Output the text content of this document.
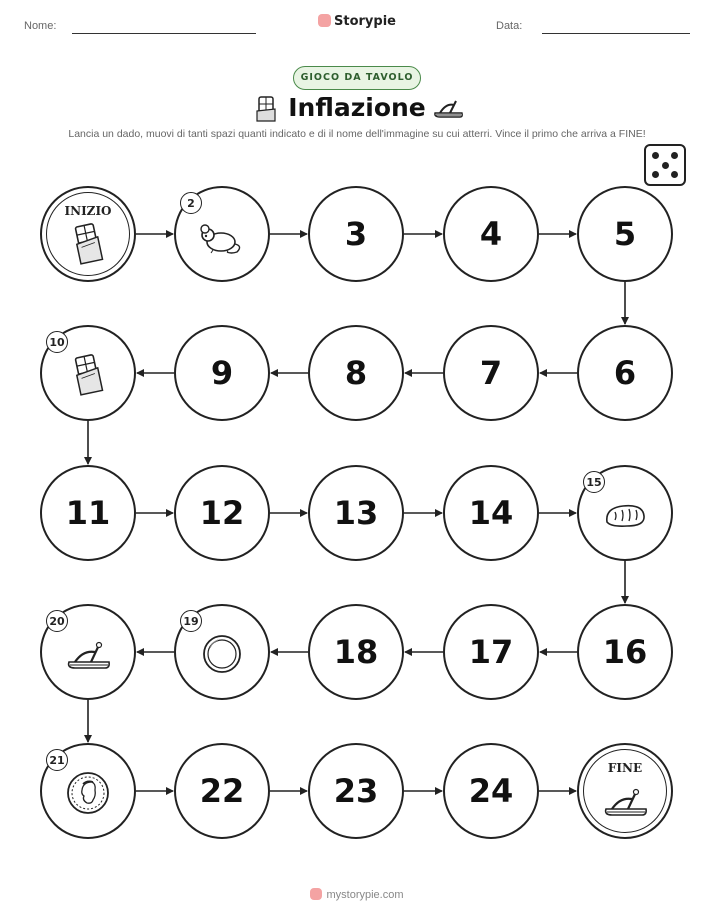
Nome:	Storypie	Data:
GIOCO DA TAVOLO
Inflazione
Lancia un dado, muovi di tanti spazi quanti indicato e di il nome dell'immagine su cui atterri. Vince il primo che arriva a FINE!
INIZIO
2
3	4	5
6
7
8
9
10
11	12	13	14
15
16
17
18
19
20
21
22	23	24
FINE
mystorypie.com
